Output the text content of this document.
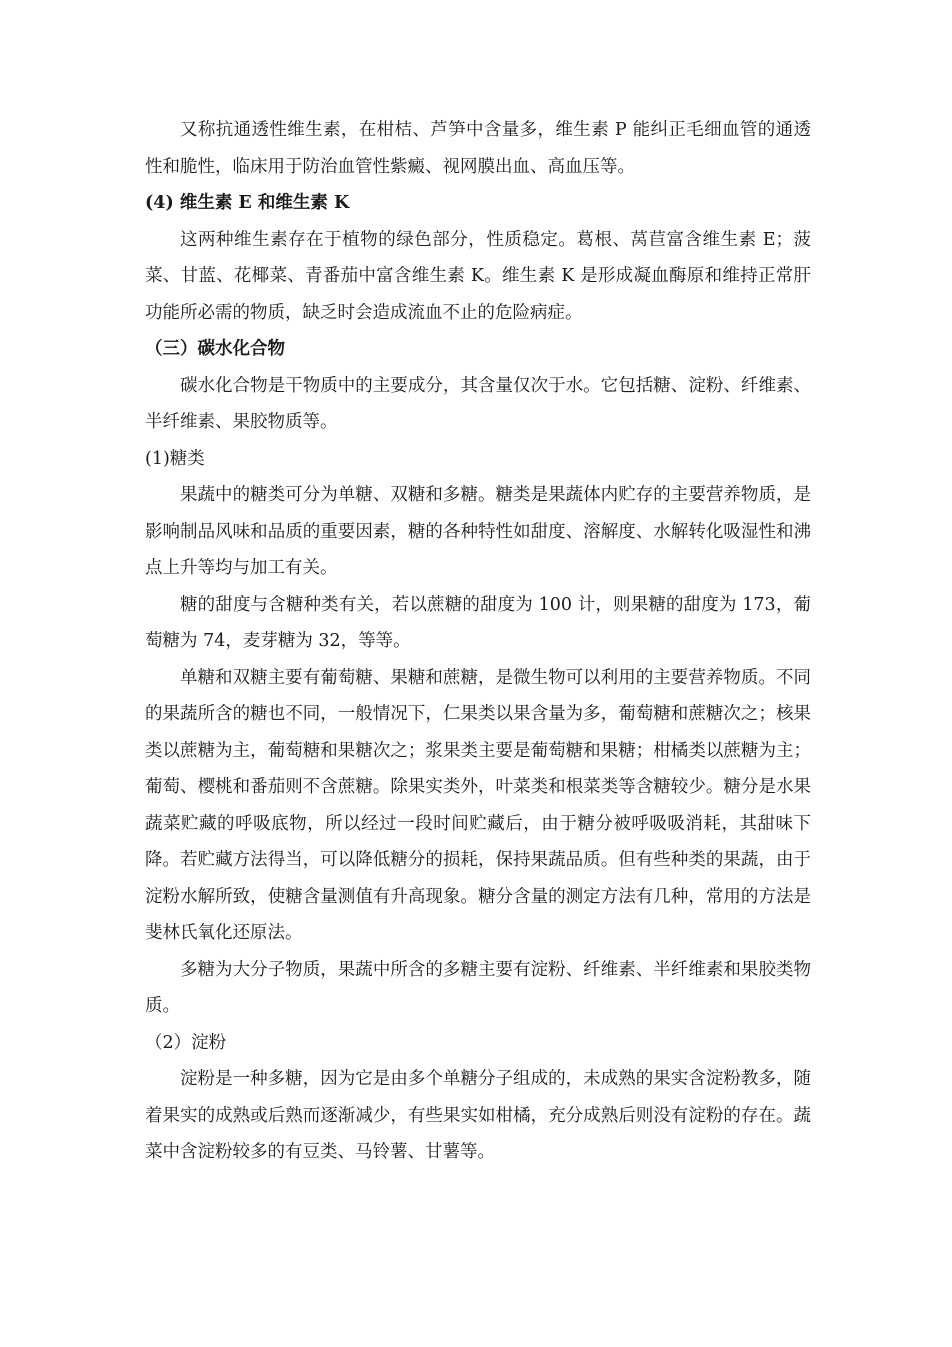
又称抗通透性维生素，在柑桔、芦笋中含量多，维生素 P 能纠正毛细血管的通透性和脆性，临床用于防治血管性紫癜、视网膜出血、高血压等。

(4) 维生素 E 和维生素 K

这两种维生素存在于植物的绿色部分，性质稳定。葛根、莴苣富含维生素 E；菠菜、甘蓝、花椰菜、青番茄中富含维生素 K。维生素 K 是形成凝血酶原和维持正常肝功能所必需的物质，缺乏时会造成流血不止的危险病症。

（三）碳水化合物

碳水化合物是干物质中的主要成分，其含量仅次于水。它包括糖、淀粉、纤维素、半纤维素、果胶物质等。

(1)糖类

果蔬中的糖类可分为单糖、双糖和多糖。糖类是果蔬体内贮存的主要营养物质，是影响制品风味和品质的重要因素，糖的各种特性如甜度、溶解度、水解转化吸湿性和沸点上升等均与加工有关。

糖的甜度与含糖种类有关，若以蔗糖的甜度为 100 计，则果糖的甜度为 173，葡萄糖为 74，麦芽糖为 32，等等。

单糖和双糖主要有葡萄糖、果糖和蔗糖，是微生物可以利用的主要营养物质。不同的果蔬所含的糖也不同，一般情况下，仁果类以果含量为多，葡萄糖和蔗糖次之；核果类以蔗糖为主，葡萄糖和果糖次之；浆果类主要是葡萄糖和果糖；柑橘类以蔗糖为主；葡萄、樱桃和番茄则不含蔗糖。除果实类外，叶菜类和根菜类等含糖较少。糖分是水果蔬菜贮藏的呼吸底物，所以经过一段时间贮藏后，由于糖分被呼吸吸消耗，其甜味下降。若贮藏方法得当，可以降低糖分的损耗，保持果蔬品质。但有些种类的果蔬，由于淀粉水解所致，使糖含量测值有升高现象。糖分含量的测定方法有几种，常用的方法是斐林氏氧化还原法。

多糖为大分子物质，果蔬中所含的多糖主要有淀粉、纤维素、半纤维素和果胶类物质。

（2）淀粉

淀粉是一种多糖，因为它是由多个单糖分子组成的，未成熟的果实含淀粉教多，随着果实的成熟或后熟而逐渐减少，有些果实如柑橘，充分成熟后则没有淀粉的存在。蔬菜中含淀粉较多的有豆类、马铃薯、甘薯等。
